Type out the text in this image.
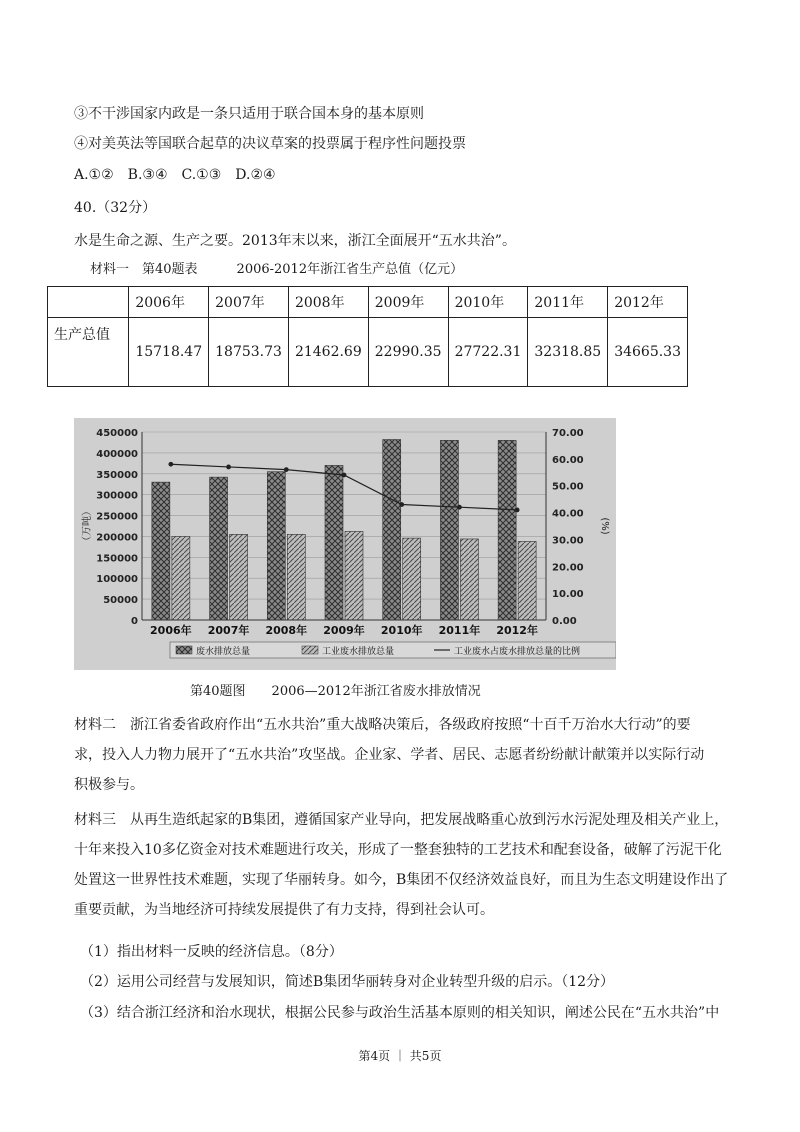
③不干涉国家内政是一条只适用于联合国本身的基本原则
④对美英法等国联合起草的决议草案的投票属于程序性问题投票
A.①②　B.③④　C.①③　D.②④
40.（32分）
水是生命之源、生产之要。2013年末以来，浙江全面展开“五水共治”。
材料一　第40题表　　　2006-2012年浙江省生产总值（亿元）
	2006年	2007年	2008年	2009年	2010年	2011年	2012年
生产总值	15718.47	18753.73	21462.69	22990.35	27722.31	32318.85	34665.33
0
50000
100000
150000
200000
250000
300000
350000
400000
450000
0.00
10.00
20.00
30.00
40.00
50.00
60.00
70.00
（万吨）	(%)
2006年 2007年 2008年 2009年 2010年 2011年 2012年
废水排放总量	工业废水排放总量	工业废水占废水排放总量的比例
第40题图　　2006—2012年浙江省废水排放情况

材料二　浙江省委省政府作出“五水共治”重大战略决策后，各级政府按照“十百千万治水大行动”的要

求，投入人力物力展开了“五水共治”攻坚战。企业家、学者、居民、志愿者纷纷献计献策并以实际行动

积极参与。

材料三　从再生造纸起家的B集团，遵循国家产业导向，把发展战略重心放到污水污泥处理及相关产业上，

十年来投入10多亿资金对技术难题进行攻关，形成了一整套独特的工艺技术和配套设备，破解了污泥干化

处置这一世界性技术难题，实现了华丽转身。如今，B集团不仅经济效益良好，而且为生态文明建设作出了

重要贡献，为当地经济可持续发展提供了有力支持，得到社会认可。

（1）指出材料一反映的经济信息。（8分）
（2）运用公司经营与发展知识，简述B集团华丽转身对企业转型升级的启示。（12分）
（3）结合浙江经济和治水现状，根据公民参与政治生活基本原则的相关知识，阐述公民在“五水共治”中
第4页 ｜ 共5页
